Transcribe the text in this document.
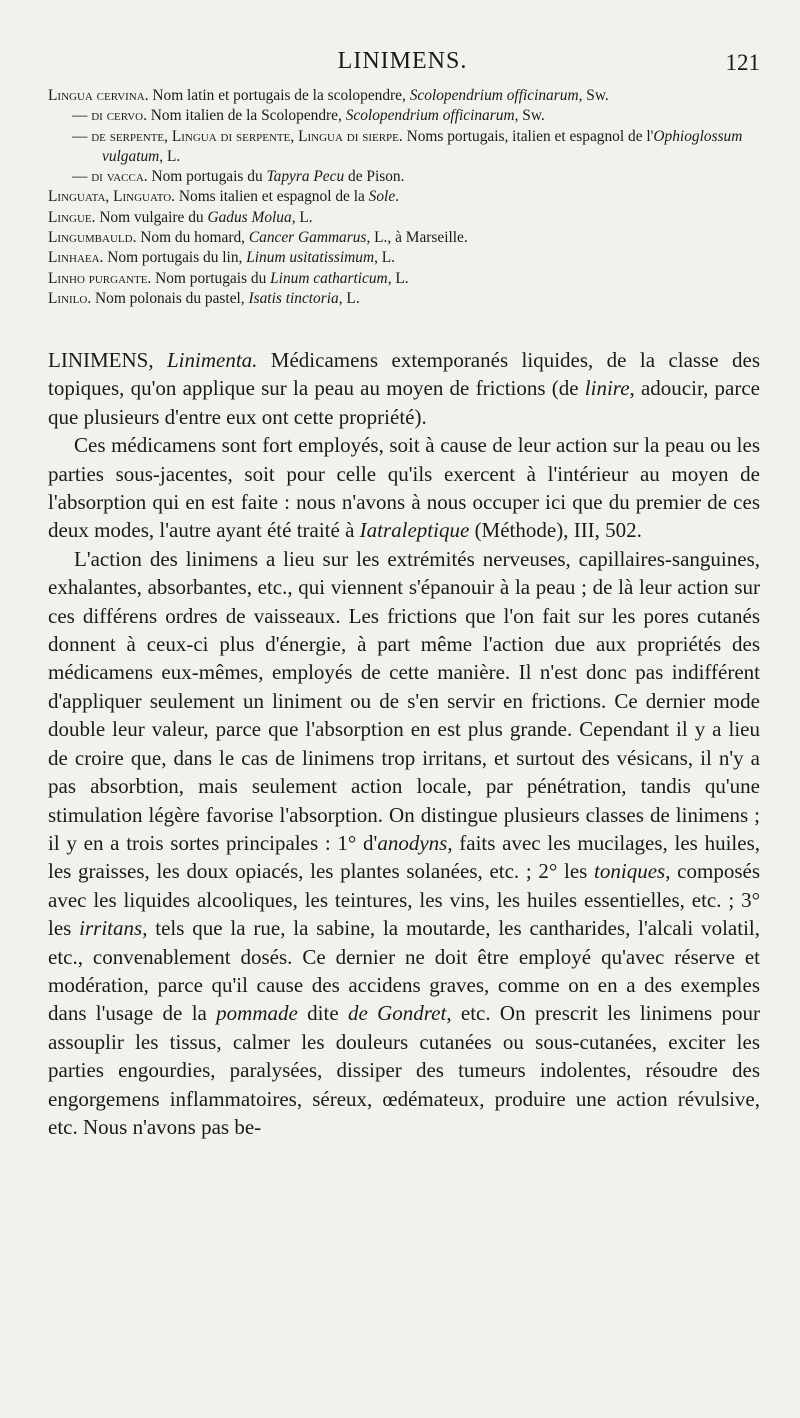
LINIMENS.	121

Lingua cervina. Nom latin et portugais de la scolopendre, Scolopendrium officinarum, Sw.

— di cervo. Nom italien de la Scolopendre, Scolopendrium officinarum, Sw.

— de serpente, Lingua di serpente, Lingua di sierpe. Noms portugais, italien et espagnol de l'Ophioglossum vulgatum, L.

— di vacca. Nom portugais du Tapyra Pecu de Pison.

Linguata, Linguato. Noms italien et espagnol de la Sole.

Lingue. Nom vulgaire du Gadus Molua, L.

Lingumbauld. Nom du homard, Cancer Gammarus, L., à Marseille.

Linhaea. Nom portugais du lin, Linum usitatissimum, L.

Linho purgante. Nom portugais du Linum catharticum, L.

Linilo. Nom polonais du pastel, Isatis tinctoria, L.

LINIMENS, Linimenta. Médicamens extemporanés liquides, de la classe des topiques, qu'on applique sur la peau au moyen de frictions (de linire, adoucir, parce que plusieurs d'entre eux ont cette propriété).

Ces médicamens sont fort employés, soit à cause de leur action sur la peau ou les parties sous-jacentes, soit pour celle qu'ils exercent à l'intérieur au moyen de l'absorption qui en est faite : nous n'avons à nous occuper ici que du premier de ces deux modes, l'autre ayant été traité à Iatraleptique (Méthode), III, 502.

L'action des linimens a lieu sur les extrémités nerveuses, capillaires-sanguines, exhalantes, absorbantes, etc., qui viennent s'épanouir à la peau ; de là leur action sur ces différens ordres de vaisseaux. Les frictions que l'on fait sur les pores cutanés donnent à ceux-ci plus d'énergie, à part même l'action due aux propriétés des médicamens eux-mêmes, employés de cette manière. Il n'est donc pas indifférent d'appliquer seulement un liniment ou de s'en servir en frictions. Ce dernier mode double leur valeur, parce que l'absorption en est plus grande. Cependant il y a lieu de croire que, dans le cas de linimens trop irritans, et surtout des vésicans, il n'y a pas absorbtion, mais seulement action locale, par pénétration, tandis qu'une stimulation légère favorise l'absorption. On distingue plusieurs classes de linimens ; il y en a trois sortes principales : 1° d'anodyns, faits avec les mucilages, les huiles, les graisses, les doux opiacés, les plantes solanées, etc. ; 2° les toniques, composés avec les liquides alcooliques, les teintures, les vins, les huiles essentielles, etc. ; 3° les irritans, tels que la rue, la sabine, la moutarde, les cantharides, l'alcali volatil, etc., convenablement dosés. Ce dernier ne doit être employé qu'avec réserve et modération, parce qu'il cause des accidens graves, comme on en a des exemples dans l'usage de la pommade dite de Gondret, etc. On prescrit les linimens pour assouplir les tissus, calmer les douleurs cutanées ou sous-cutanées, exciter les parties engourdies, paralysées, dissiper des tumeurs indolentes, résoudre des engorgemens inflammatoires, séreux, œdémateux, produire une action révulsive, etc. Nous n'avons pas be-
